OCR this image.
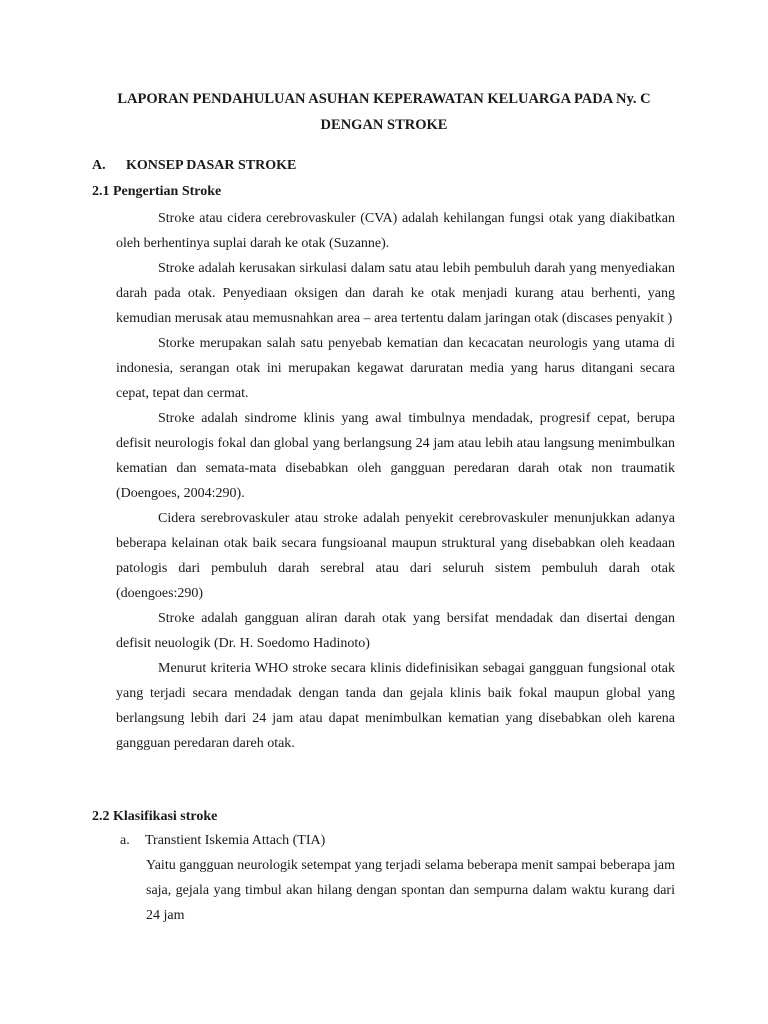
LAPORAN PENDAHULUAN ASUHAN KEPERAWATAN KELUARGA PADA Ny. C
DENGAN STROKE
A. KONSEP DASAR STROKE
2.1 Pengertian Stroke

Stroke atau cidera cerebrovaskuler (CVA) adalah kehilangan fungsi otak yang diakibatkan oleh berhentinya suplai darah ke otak (Suzanne).

Stroke adalah kerusakan sirkulasi dalam satu atau lebih pembuluh darah yang menyediakan darah pada otak. Penyediaan oksigen dan darah ke otak menjadi kurang atau berhenti, yang kemudian merusak atau memusnahkan area – area tertentu dalam jaringan otak (discases penyakit )

Storke merupakan salah satu penyebab kematian dan kecacatan neurologis yang utama di indonesia, serangan otak ini merupakan kegawat daruratan media yang harus ditangani secara cepat, tepat dan cermat.

Stroke adalah sindrome klinis yang awal timbulnya mendadak, progresif cepat, berupa defisit neurologis fokal dan global yang berlangsung 24 jam atau lebih atau langsung menimbulkan kematian dan semata-mata disebabkan oleh gangguan peredaran darah otak non traumatik (Doengoes, 2004:290).

Cidera serebrovaskuler atau stroke adalah penyekit cerebrovaskuler menunjukkan adanya beberapa kelainan otak baik secara fungsioanal maupun struktural yang disebabkan oleh keadaan patologis dari pembuluh darah serebral atau dari seluruh sistem pembuluh darah otak (doengoes:290)

Stroke adalah gangguan aliran darah otak yang bersifat mendadak dan disertai dengan defisit neuologik (Dr. H. Soedomo Hadinoto)

Menurut kriteria WHO stroke secara klinis didefinisikan sebagai gangguan fungsional otak yang terjadi secara mendadak dengan tanda dan gejala klinis baik fokal maupun global yang berlangsung lebih dari 24 jam atau dapat menimbulkan kematian yang disebabkan oleh karena gangguan peredaran dareh otak.

2.2 Klasifikasi stroke
a. Transtient Iskemia Attach (TIA)

Yaitu gangguan neurologik setempat yang terjadi selama beberapa menit sampai beberapa jam saja, gejala yang timbul akan hilang dengan spontan dan sempurna dalam waktu kurang dari 24 jam
